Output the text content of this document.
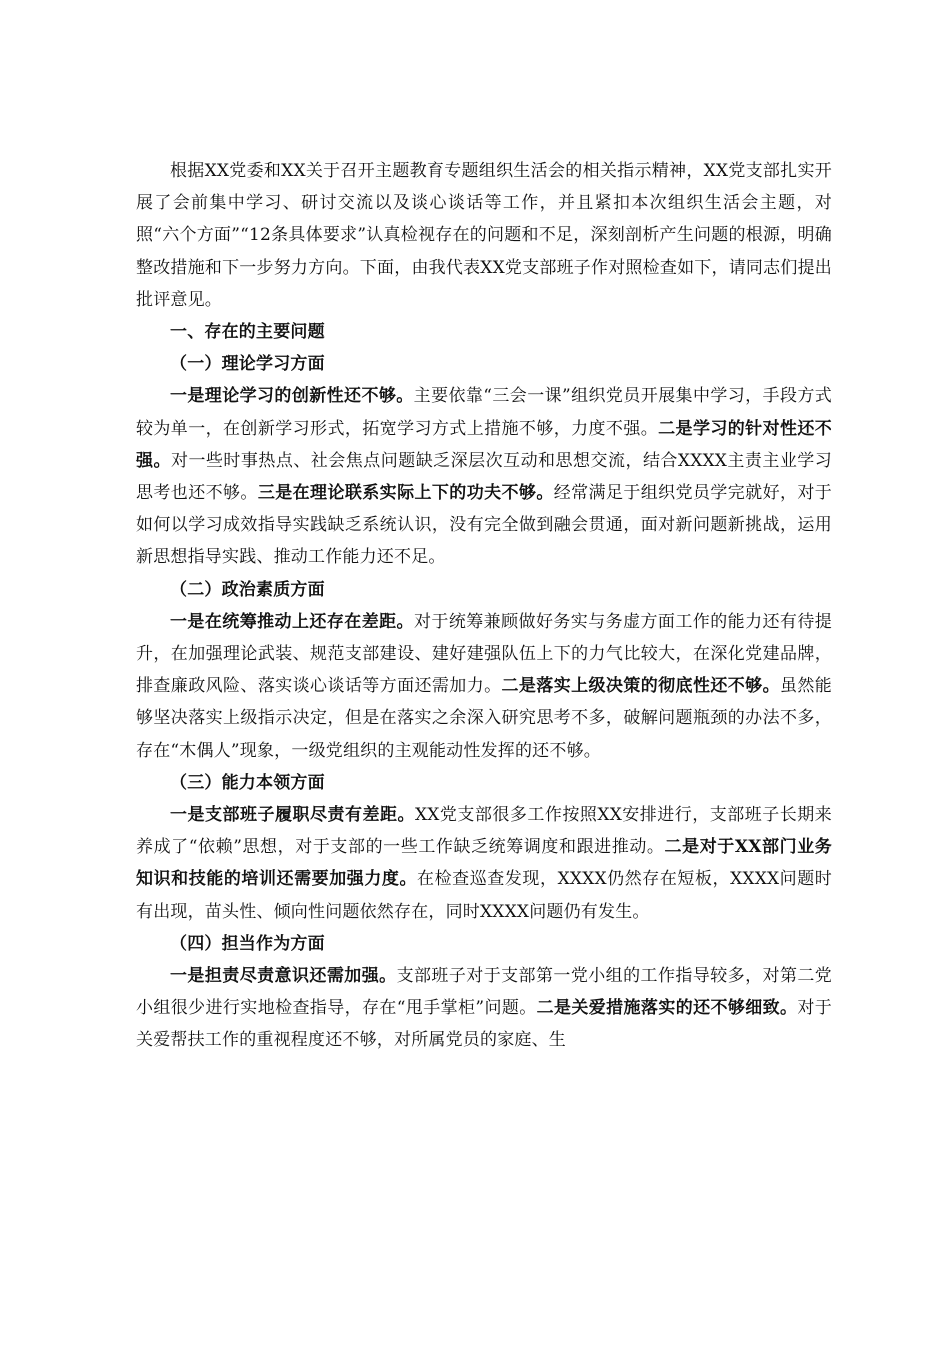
根据XX党委和XX关于召开主题教育专题组织生活会的相关指示精神，XX党支部扎实开展了会前集中学习、研讨交流以及谈心谈话等工作，并且紧扣本次组织生活会主题，对照“六个方面”“12条具体要求”认真检视存在的问题和不足，深刻剖析产生问题的根源，明确整改措施和下一步努力方向。下面，由我代表XX党支部班子作对照检查如下，请同志们提出批评意见。

一、存在的主要问题

（一）理论学习方面

一是理论学习的创新性还不够。主要依靠“三会一课”组织党员开展集中学习，手段方式较为单一，在创新学习形式，拓宽学习方式上措施不够，力度不强。二是学习的针对性还不强。对一些时事热点、社会焦点问题缺乏深层次互动和思想交流，结合XXXX主责主业学习思考也还不够。三是在理论联系实际上下的功夫不够。经常满足于组织党员学完就好，对于如何以学习成效指导实践缺乏系统认识，没有完全做到融会贯通，面对新问题新挑战，运用新思想指导实践、推动工作能力还不足。

（二）政治素质方面

一是在统筹推动上还存在差距。对于统筹兼顾做好务实与务虚方面工作的能力还有待提升，在加强理论武装、规范支部建设、建好建强队伍上下的力气比较大，在深化党建品牌，排查廉政风险、落实谈心谈话等方面还需加力。二是落实上级决策的彻底性还不够。虽然能够坚决落实上级指示决定，但是在落实之余深入研究思考不多，破解问题瓶颈的办法不多，存在“木偶人”现象，一级党组织的主观能动性发挥的还不够。

（三）能力本领方面

一是支部班子履职尽责有差距。XX党支部很多工作按照XX安排进行，支部班子长期来养成了“依赖”思想，对于支部的一些工作缺乏统筹调度和跟进推动。二是对于XX部门业务知识和技能的培训还需要加强力度。在检查巡查发现，XXXX仍然存在短板，XXXX问题时有出现，苗头性、倾向性问题依然存在，同时XXXX问题仍有发生。

（四）担当作为方面

一是担责尽责意识还需加强。支部班子对于支部第一党小组的工作指导较多，对第二党小组很少进行实地检查指导，存在“甩手掌柜”问题。二是关爱措施落实的还不够细致。对于关爱帮扶工作的重视程度还不够，对所属党员的家庭、生
